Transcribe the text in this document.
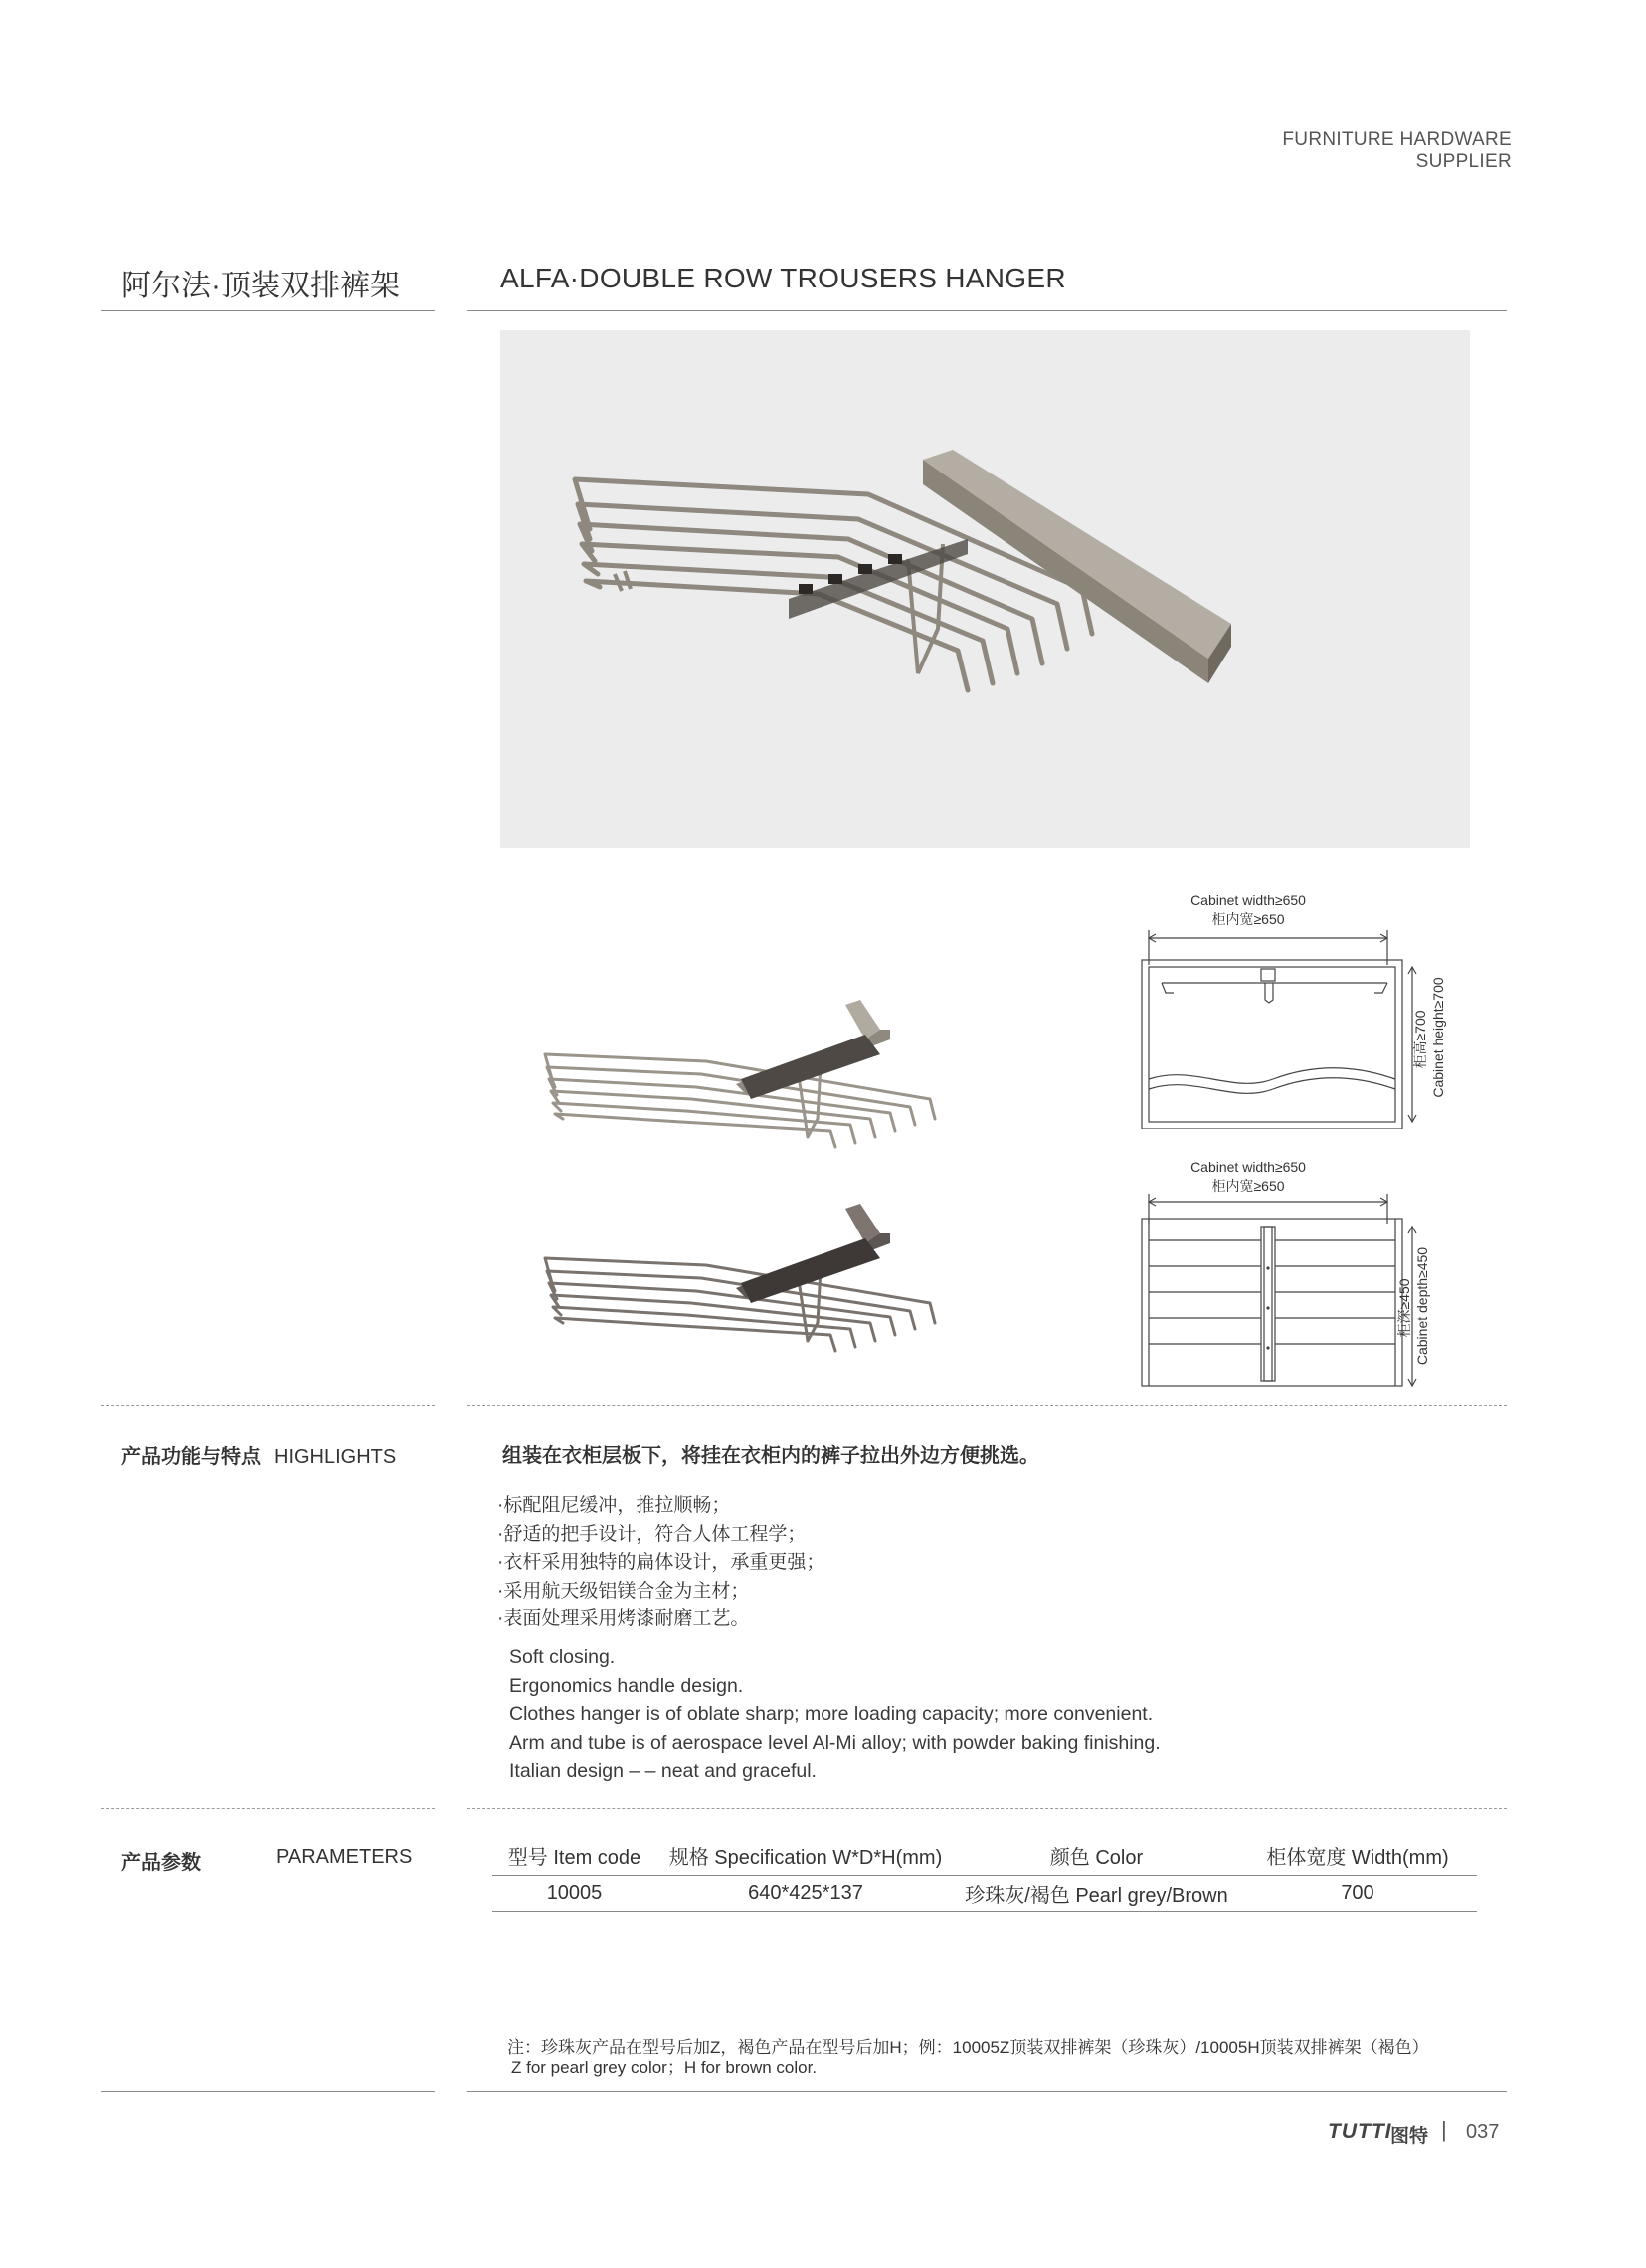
FURNITURE HARDWARE SUPPLIER
阿尔法·顶装双排裤架	ALFA·DOUBLE ROW TROUSERS HANGER
Cabinet width≥650
柜内宽≥650
柜高≥700 Cabinet height≥700
Cabinet width≥650
柜内宽≥650
柜深≥450 Cabinet depth≥450
产品功能与特点 HIGHLIGHTS	组装在衣柜层板下，将挂在衣柜内的裤子拉出外边方便挑选。
·标配阻尼缓冲，推拉顺畅；
·舒适的把手设计，符合人体工程学；
·衣杆采用独特的扁体设计，承重更强；
·采用航天级铝镁合金为主材；
·表面处理采用烤漆耐磨工艺。
Soft closing.
Ergonomics handle design.
Clothes hanger is of oblate sharp; more loading capacity; more convenient.
Arm and tube is of aerospace level Al-Mi alloy; with powder baking finishing.
Italian design – – neat and graceful.
产品参数	PARAMETERS	型号 Item code	规格 Specification W*D*H(mm)	颜色 Color	柜体宽度 Width(mm)
10005	640*425*137	珍珠灰/褐色 Pearl grey/Brown	700
注：珍珠灰产品在型号后加Z，褐色产品在型号后加H；例：10005Z顶装双排裤架（珍珠灰）/10005H顶装双排裤架（褐色）
Z for pearl grey color；H for brown color.
TUTTI
图特 | 037
